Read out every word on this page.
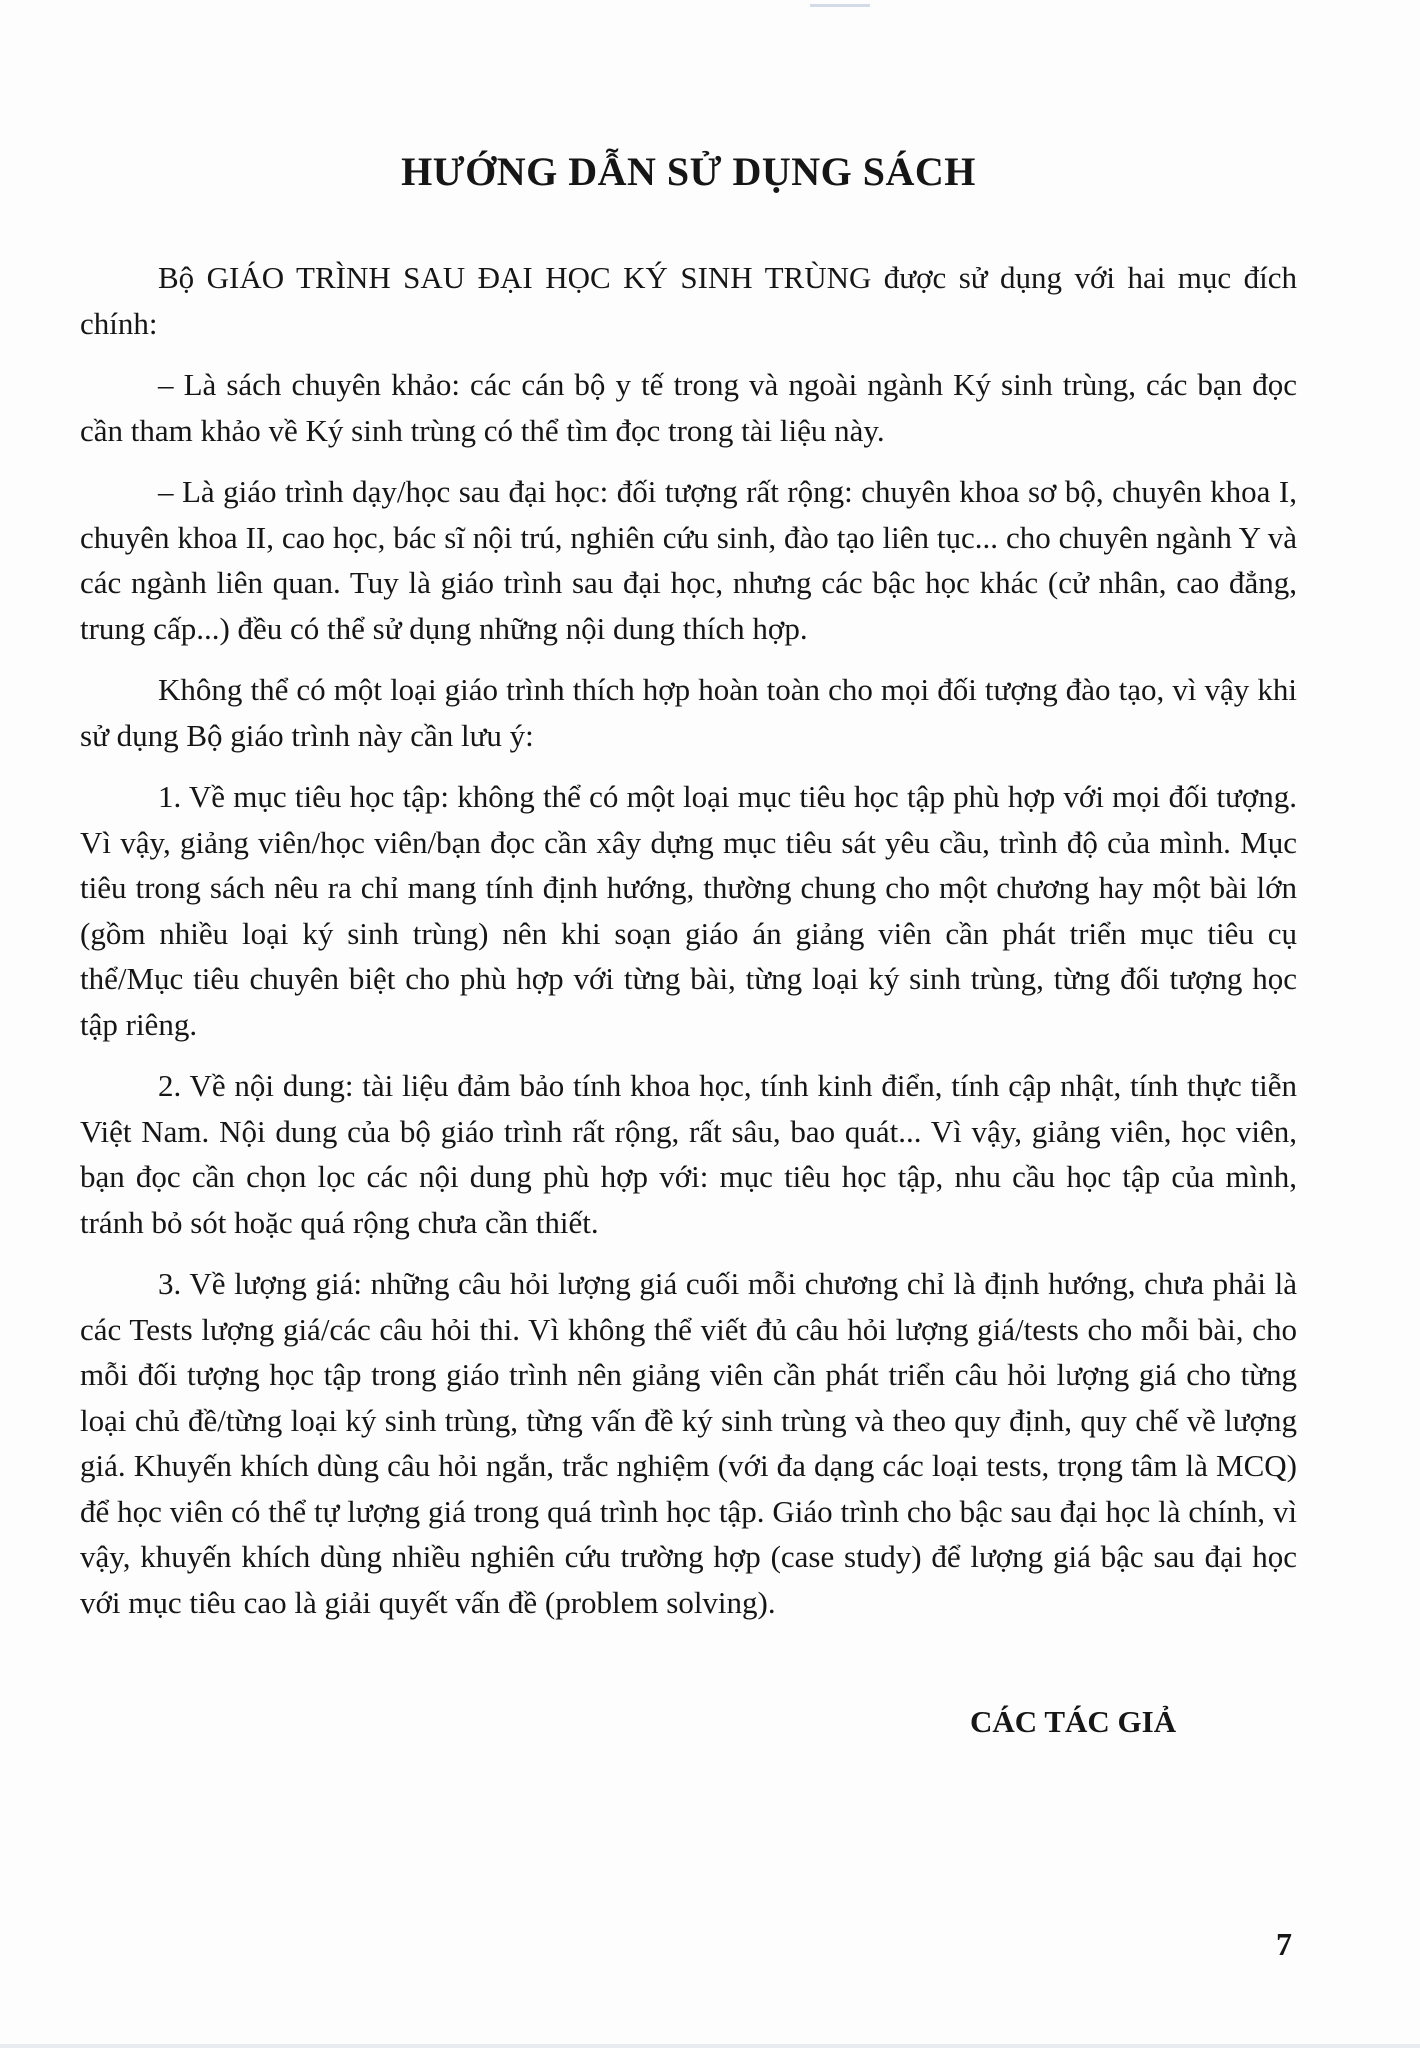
HƯỚNG DẪN SỬ DỤNG SÁCH

Bộ GIÁO TRÌNH SAU ĐẠI HỌC KÝ SINH TRÙNG được sử dụng với hai mục đích chính:

– Là sách chuyên khảo: các cán bộ y tế trong và ngoài ngành Ký sinh trùng, các bạn đọc cần tham khảo về Ký sinh trùng có thể tìm đọc trong tài liệu này.

– Là giáo trình dạy/học sau đại học: đối tượng rất rộng: chuyên khoa sơ bộ, chuyên khoa I, chuyên khoa II, cao học, bác sĩ nội trú, nghiên cứu sinh, đào tạo liên tục... cho chuyên ngành Y và các ngành liên quan. Tuy là giáo trình sau đại học, nhưng các bậc học khác (cử nhân, cao đẳng, trung cấp...) đều có thể sử dụng những nội dung thích hợp.

Không thể có một loại giáo trình thích hợp hoàn toàn cho mọi đối tượng đào tạo, vì vậy khi sử dụng Bộ giáo trình này cần lưu ý:

1. Về mục tiêu học tập: không thể có một loại mục tiêu học tập phù hợp với mọi đối tượng. Vì vậy, giảng viên/học viên/bạn đọc cần xây dựng mục tiêu sát yêu cầu, trình độ của mình. Mục tiêu trong sách nêu ra chỉ mang tính định hướng, thường chung cho một chương hay một bài lớn (gồm nhiều loại ký sinh trùng) nên khi soạn giáo án giảng viên cần phát triển mục tiêu cụ thể/Mục tiêu chuyên biệt cho phù hợp với từng bài, từng loại ký sinh trùng, từng đối tượng học tập riêng.

2. Về nội dung: tài liệu đảm bảo tính khoa học, tính kinh điển, tính cập nhật, tính thực tiễn Việt Nam. Nội dung của bộ giáo trình rất rộng, rất sâu, bao quát... Vì vậy, giảng viên, học viên, bạn đọc cần chọn lọc các nội dung phù hợp với: mục tiêu học tập, nhu cầu học tập của mình, tránh bỏ sót hoặc quá rộng chưa cần thiết.

3. Về lượng giá: những câu hỏi lượng giá cuối mỗi chương chỉ là định hướng, chưa phải là các Tests lượng giá/các câu hỏi thi. Vì không thể viết đủ câu hỏi lượng giá/tests cho mỗi bài, cho mỗi đối tượng học tập trong giáo trình nên giảng viên cần phát triển câu hỏi lượng giá cho từng loại chủ đề/từng loại ký sinh trùng, từng vấn đề ký sinh trùng và theo quy định, quy chế về lượng giá. Khuyến khích dùng câu hỏi ngắn, trắc nghiệm (với đa dạng các loại tests, trọng tâm là MCQ) để học viên có thể tự lượng giá trong quá trình học tập. Giáo trình cho bậc sau đại học là chính, vì vậy, khuyến khích dùng nhiều nghiên cứu trường hợp (case study) để lượng giá bậc sau đại học với mục tiêu cao là giải quyết vấn đề (problem solving).

CÁC TÁC GIẢ
7
